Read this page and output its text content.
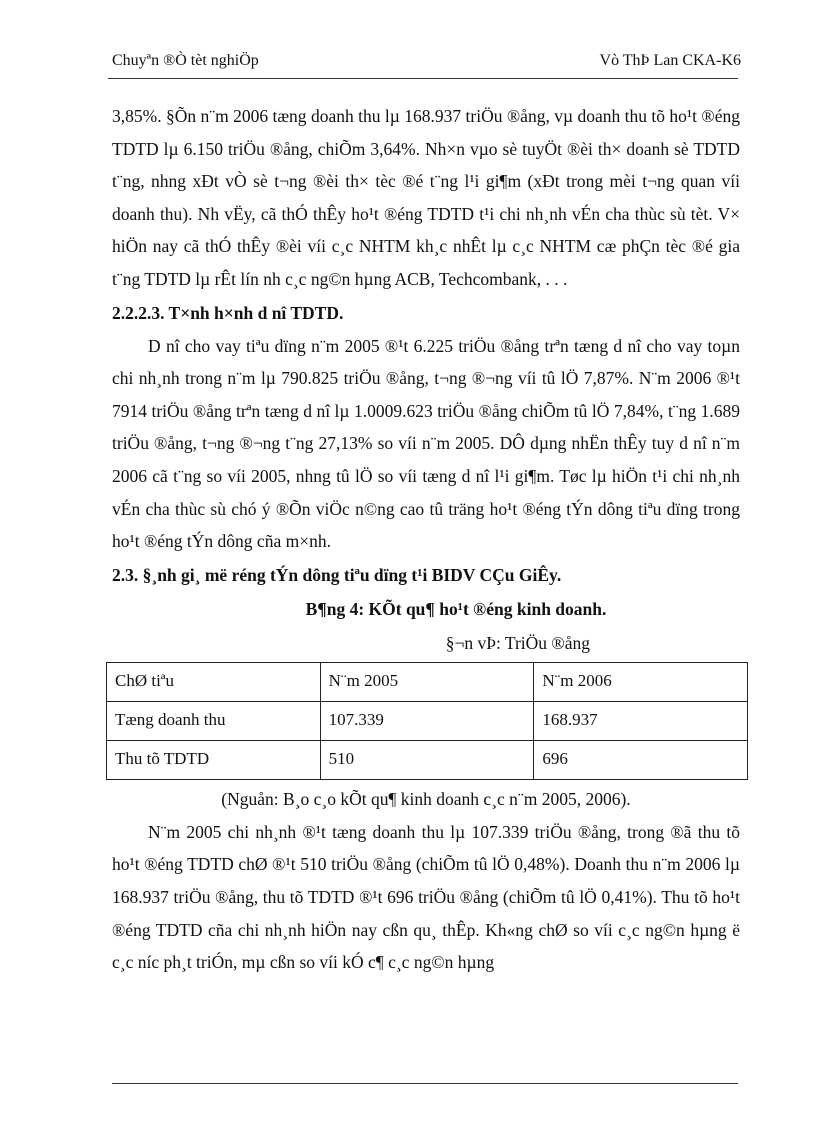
Chuyªn ®Ò tèt nghiÖp	Vò ThÞ Lan CKA-K6

3,85%. §Õn n¨m 2006 tæng doanh thu lµ 168.937 triÖu ®ång, vµ doanh thu tõ ho¹t ®éng TDTD lµ 6.150 triÖu ®ång, chiÕm 3,64%. Nh×n vµo sè tuyÖt ®èi th× doanh sè TDTD t¨ng, nhng xÐt vÒ sè t¬ng ®èi th× tèc ®é t¨ng l¹i gi¶m (xÐt trong mèi t¬ng quan víi doanh thu). Nh vËy, cã thÓ thÊy ho¹t ®éng TDTD t¹i chi nh¸nh vÉn cha thùc sù tèt. V× hiÖn nay cã thÓ thÊy ®èi víi c¸c NHTM kh¸c nhÊt lµ c¸c NHTM cæ phÇn tèc ®é gia t¨ng TDTD lµ rÊt lín nh c¸c ng©n hµng ACB, Techcombank, . . .

2.2.2.3. T×nh h×nh d nî TDTD.

D nî cho vay tiªu dïng n¨m 2005 ®¹t 6.225 triÖu ®ång trªn tæng d nî cho vay toµn chi nh¸nh trong n¨m lµ 790.825 triÖu ®ång, t¬ng ®¬ng víi tû lÖ 7,87%. N¨m 2006 ®¹t 7914 triÖu ®ång trªn tæng d nî lµ 1.0009.623 triÖu ®ång chiÕm tû lÖ 7,84%, t¨ng 1.689 triÖu ®ång, t¬ng ®¬ng t¨ng 27,13% so víi n¨m 2005. DÔ dµng nhËn thÊy tuy d nî n¨m 2006 cã t¨ng so víi 2005, nhng tû lÖ so víi tæng d nî l¹i gi¶m. Tøc lµ hiÖn t¹i chi nh¸nh vÉn cha thùc sù chó ý ®Õn viÖc n©ng cao tû träng ho¹t ®éng tÝn dông tiªu dïng trong ho¹t ®éng tÝn dông cña m×nh.

2.3. §¸nh gi¸ më réng tÝn dông tiªu dïng t¹i BIDV CÇu GiÊy.

B¶ng 4: KÕt qu¶ ho¹t ®éng kinh doanh.

§¬n vÞ: TriÖu ®ång

ChØ tiªu	N¨m 2005	N¨m 2006
Tæng doanh thu	107.339	168.937
Thu tõ TDTD	510	696

(Nguån: B¸o c¸o kÕt qu¶ kinh doanh c¸c n¨m 2005, 2006).

N¨m 2005 chi nh¸nh ®¹t tæng doanh thu lµ 107.339 triÖu ®ång, trong ®ã thu tõ ho¹t ®éng TDTD chØ ®¹t 510 triÖu ®ång (chiÕm tû lÖ 0,48%). Doanh thu n¨m 2006 lµ 168.937 triÖu ®ång, thu tõ TDTD ®¹t 696 triÖu ®ång (chiÕm tû lÖ 0,41%). Thu tõ ho¹t ®éng TDTD cña chi nh¸nh hiÖn nay cßn qu¸ thÊp. Kh«ng chØ so víi c¸c ng©n hµng ë c¸c níc ph¸t triÓn, mµ cßn so víi kÓ c¶ c¸c ng©n hµng
